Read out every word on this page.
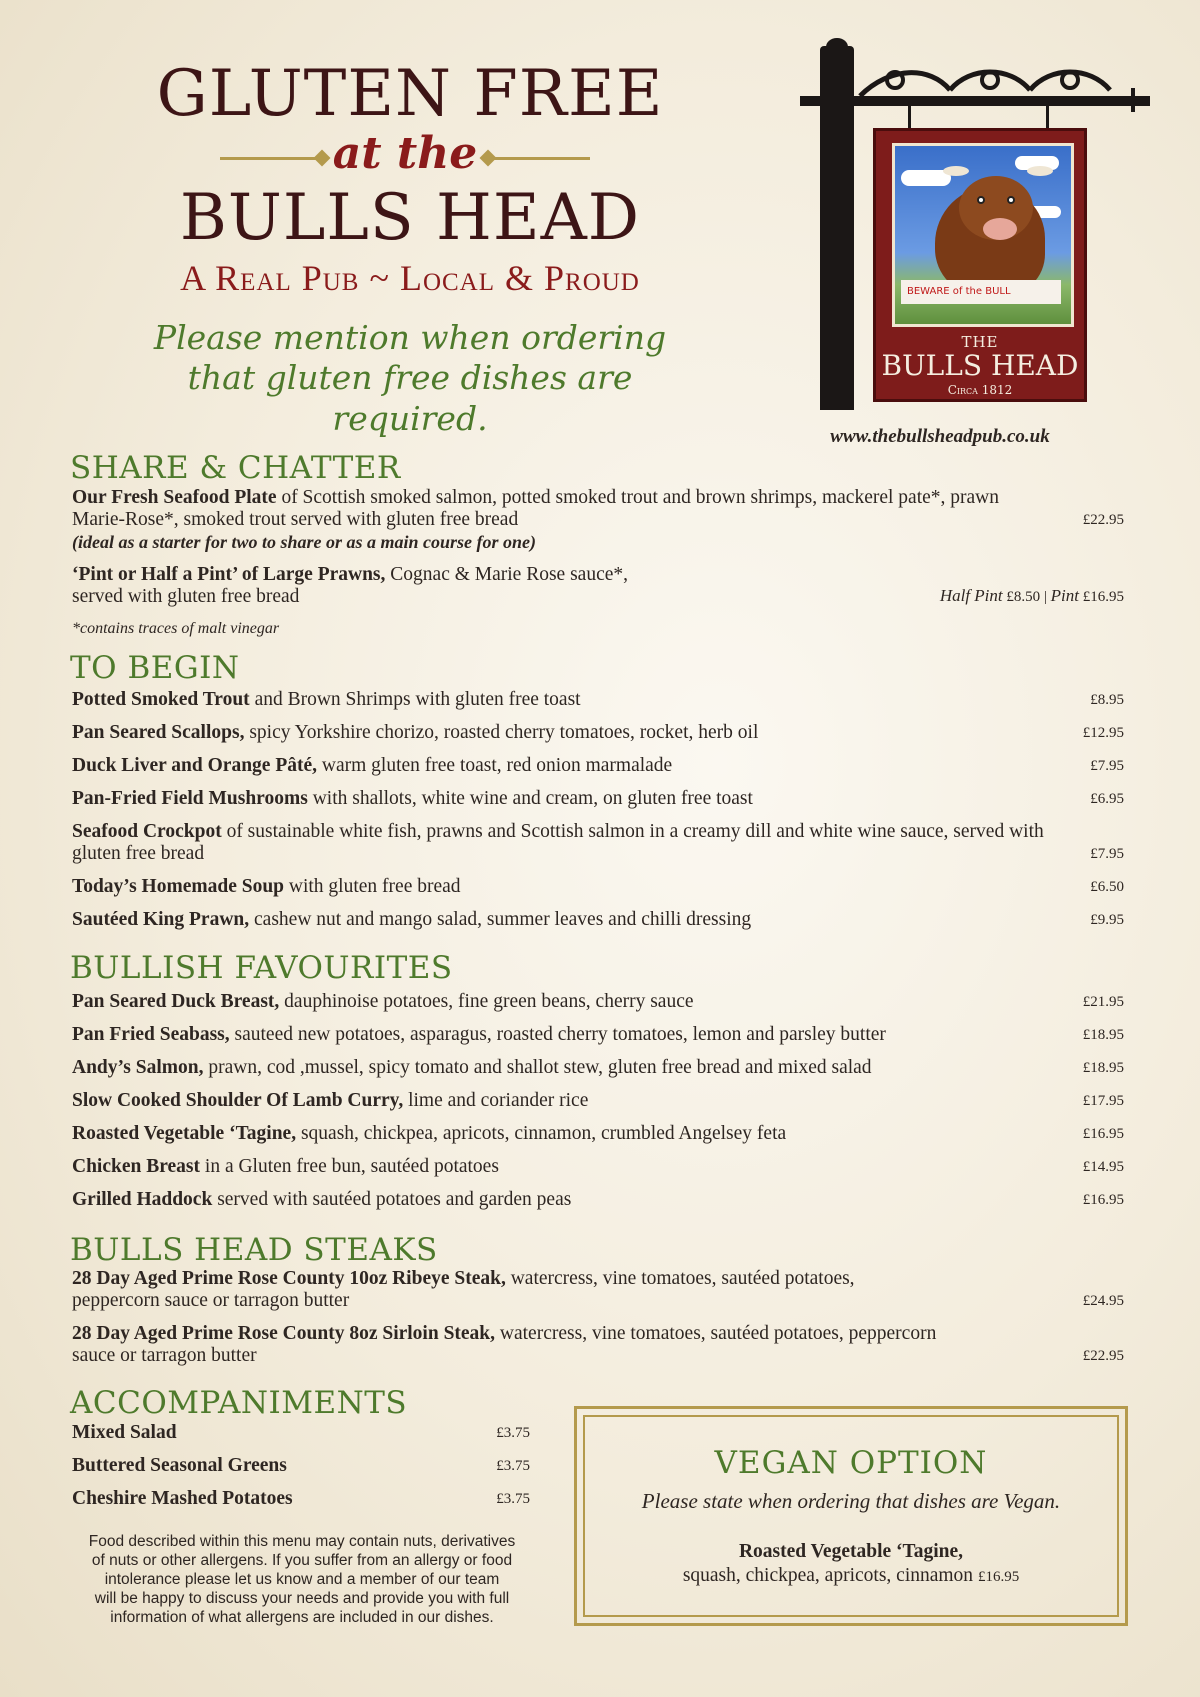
GLUTEN FREE
at the
BULLS HEAD
A Real Pub ~ Local & Proud
Please mention when ordering
that gluten free dishes are required.
BEWARE of the BULL
THE
BULLS HEAD
Circa 1812
www.thebullsheadpub.co.uk
SHARE & CHATTER
Our Fresh Seafood Plate of Scottish smoked salmon, potted smoked trout and brown shrimps, mackerel pate*, prawn Marie-Rose*, smoked trout served with gluten free bread
(ideal as a starter for two to share or as a main course for one)
£22.95
‘Pint or Half a Pint’ of Large Prawns, Cognac & Marie Rose sauce*, served with gluten free bread	Half Pint £8.50 | Pint £16.95
*contains traces of malt vinegar
TO BEGIN
Potted Smoked Trout and Brown Shrimps with gluten free toast	£8.95
Pan Seared Scallops, spicy Yorkshire chorizo, roasted cherry tomatoes, rocket, herb oil	£12.95
Duck Liver and Orange Pâté, warm gluten free toast, red onion marmalade	£7.95
Pan-Fried Field Mushrooms with shallots, white wine and cream, on gluten free toast	£6.95
Seafood Crockpot of sustainable white fish, prawns and Scottish salmon in a creamy dill and white wine sauce, served with gluten free bread	£7.95
Today’s Homemade Soup with gluten free bread	£6.50
Sautéed King Prawn, cashew nut and mango salad, summer leaves and chilli dressing	£9.95
BULLISH FAVOURITES
Pan Seared Duck Breast, dauphinoise potatoes, fine green beans, cherry sauce	£21.95
Pan Fried Seabass, sauteed new potatoes, asparagus, roasted cherry tomatoes, lemon and parsley butter	£18.95
Andy’s Salmon, prawn, cod ,mussel, spicy tomato and shallot stew, gluten free bread and mixed salad	£18.95
Slow Cooked Shoulder Of Lamb Curry, lime and coriander rice	£17.95
Roasted Vegetable ‘Tagine, squash, chickpea, apricots, cinnamon, crumbled Angelsey feta	£16.95
Chicken Breast in a Gluten free bun, sautéed potatoes	£14.95
Grilled Haddock served with sautéed potatoes and garden peas	£16.95
BULLS HEAD STEAKS
28 Day Aged Prime Rose County 10oz Ribeye Steak, watercress, vine tomatoes, sautéed potatoes, peppercorn sauce or tarragon butter	£24.95
28 Day Aged Prime Rose County 8oz Sirloin Steak, watercress, vine tomatoes, sautéed potatoes, peppercorn sauce or tarragon butter	£22.95
ACCOMPANIMENTS
Mixed Salad	£3.75
Buttered Seasonal Greens	£3.75
Cheshire Mashed Potatoes	£3.75
Food described within this menu may contain nuts, derivatives
of nuts or other allergens. If you suffer from an allergy or food
intolerance please let us know and a member of our team
will be happy to discuss your needs and provide you with full
information of what allergens are included in our dishes.
VEGAN OPTION
Please state when ordering that dishes are Vegan.
Roasted Vegetable ‘Tagine,
squash, chickpea, apricots, cinnamon £16.95
